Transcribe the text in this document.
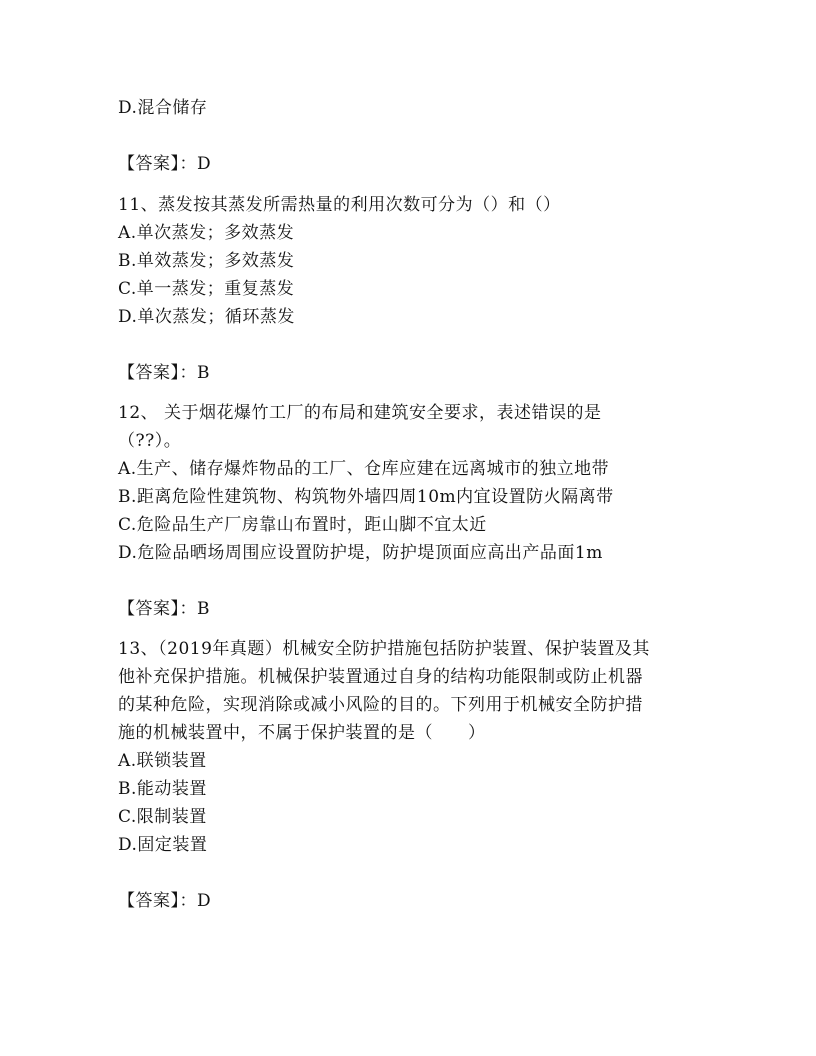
D.混合储存
【答案】：D
11、蒸发按其蒸发所需热量的利用次数可分为（）和（）
A.单次蒸发；多效蒸发
B.单效蒸发；多效蒸发
C.单一蒸发；重复蒸发
D.单次蒸发；循环蒸发
【答案】：B
12、 关于烟花爆竹工厂的布局和建筑安全要求，表述错误的是
（??）。
A.生产、储存爆炸物品的工厂、仓库应建在远离城市的独立地带
B.距离危险性建筑物、构筑物外墙四周10m内宜设置防火隔离带
C.危险品生产厂房靠山布置时，距山脚不宜太近
D.危险品晒场周围应设置防护堤，防护堤顶面应高出产品面1m
【答案】：B
13、（2019年真题）机械安全防护措施包括防护装置、保护装置及其
他补充保护措施。机械保护装置通过自身的结构功能限制或防止机器
的某种危险，实现消除或减小风险的目的。下列用于机械安全防护措
施的机械装置中，不属于保护装置的是（　　）
A.联锁装置
B.能动装置
C.限制装置
D.固定装置
【答案】：D
